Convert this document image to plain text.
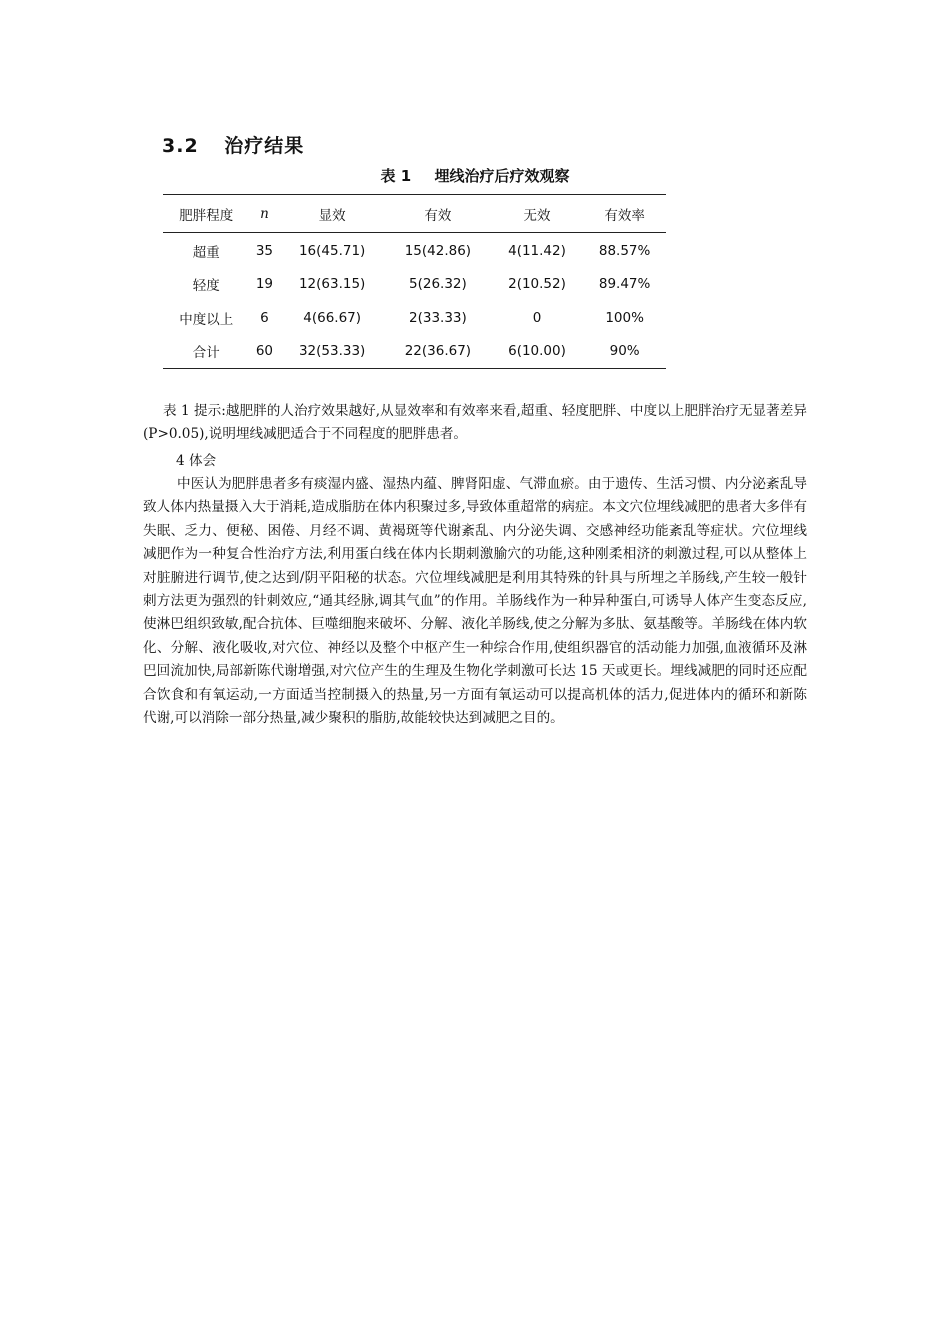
3.2 治疗结果
表 1 埋线治疗后疗效观察
肥胖程度	n	显效	有效	无效	有效率
超重	35	16(45.71)	15(42.86)	4(11.42)	88.57%
轻度	19	12(63.15)	5(26.32)	2(10.52)	89.47%
中度以上	6	4(66.67)	2(33.33)	0	100%
合计	60	32(53.33)	22(36.67)	6(10.00)	90%

表 1 提示:越肥胖的人治疗效果越好,从显效率和有效率来看,超重、轻度肥胖、中度以上肥胖治疗无显著差异(P>0.05),说明埋线减肥适合于不同程度的肥胖患者。

4 体会

中医认为肥胖患者多有痰湿内盛、湿热内蕴、脾肾阳虚、气滞血瘀。由于遗传、生活习惯、内分泌紊乱导致人体内热量摄入大于消耗,造成脂肪在体内积聚过多,导致体重超常的病症。本文穴位埋线减肥的患者大多伴有失眠、乏力、便秘、困倦、月经不调、黄褐斑等代谢紊乱、内分泌失调、交感神经功能紊乱等症状。穴位埋线减肥作为一种复合性治疗方法,利用蛋白线在体内长期刺激腧穴的功能,这种刚柔相济的刺激过程,可以从整体上对脏腑进行调节,使之达到/阴平阳秘的状态。穴位埋线减肥是利用其特殊的针具与所埋之羊肠线,产生较一般针刺方法更为强烈的针刺效应,“通其经脉,调其气血”的作用。羊肠线作为一种异种蛋白,可诱导人体产生变态反应,使淋巴组织致敏,配合抗体、巨噬细胞来破坏、分解、液化羊肠线,使之分解为多肽、氨基酸等。羊肠线在体内软化、分解、液化吸收,对穴位、神经以及整个中枢产生一种综合作用,使组织器官的活动能力加强,血液循环及淋巴回流加快,局部新陈代谢增强,对穴位产生的生理及生物化学刺激可长达 15 天或更长。埋线减肥的同时还应配合饮食和有氧运动,一方面适当控制摄入的热量,另一方面有氧运动可以提高机体的活力,促进体内的循环和新陈代谢,可以消除一部分热量,减少聚积的脂肪,故能较快达到减肥之目的。
